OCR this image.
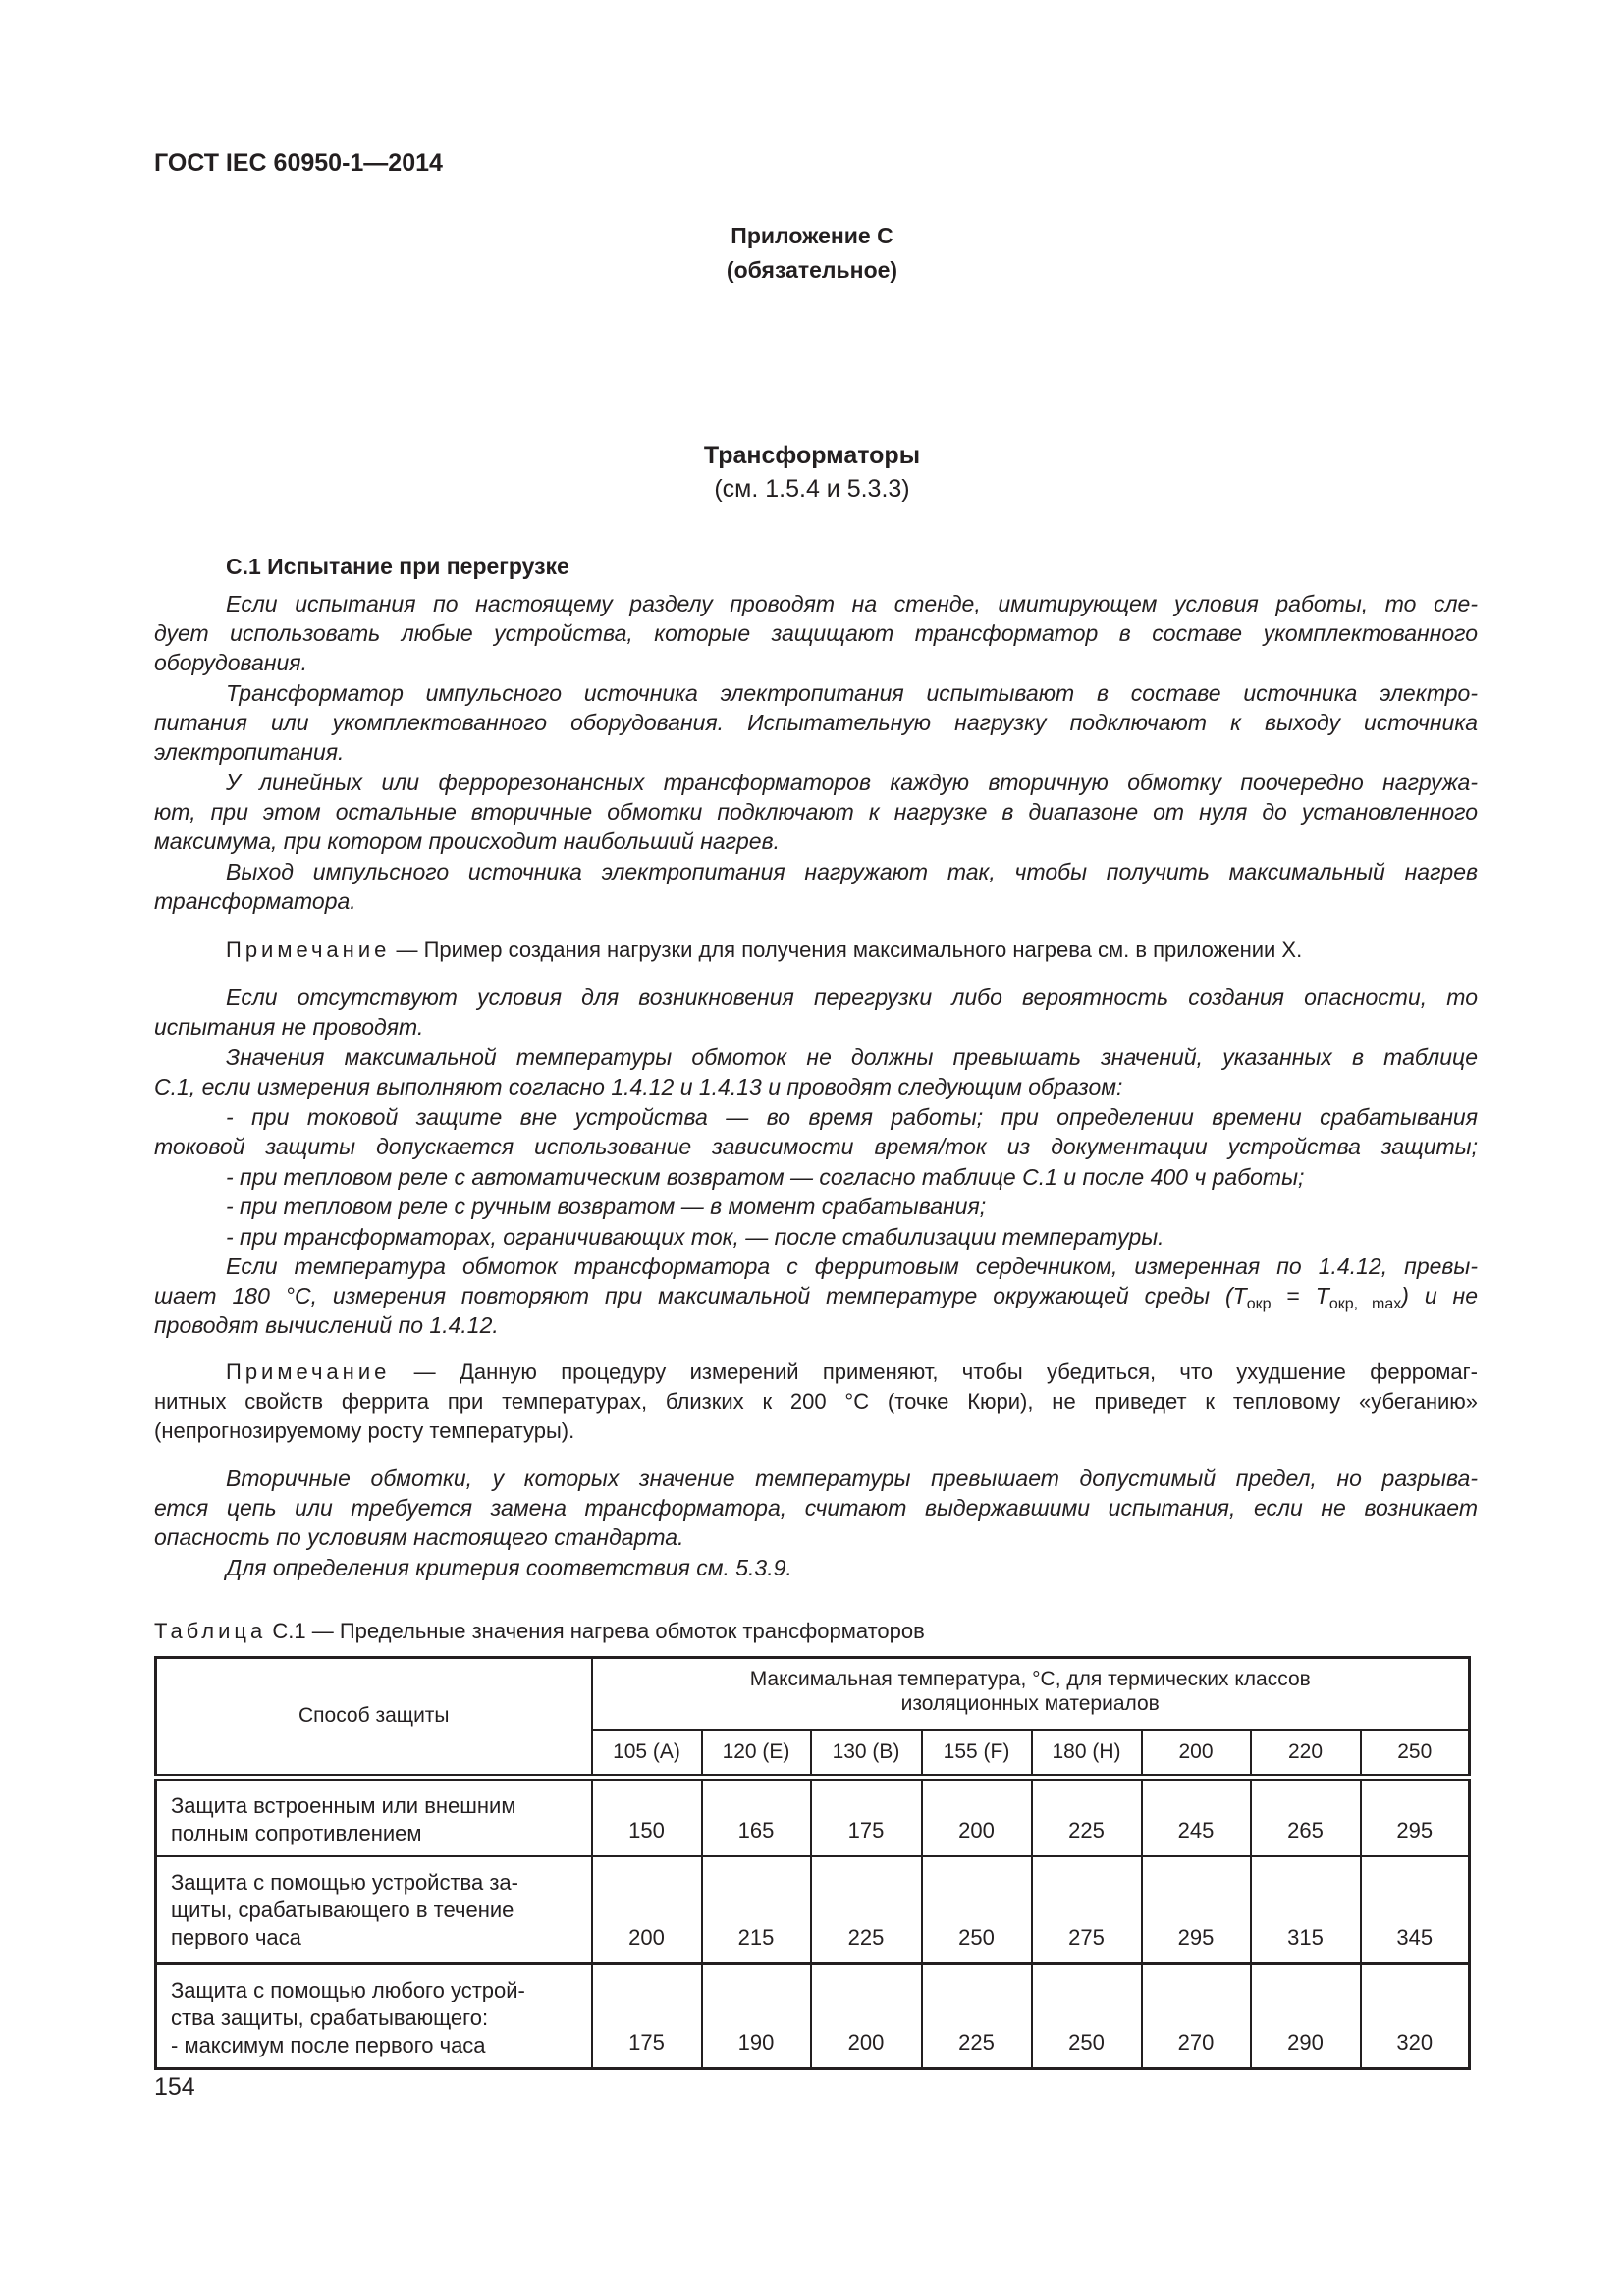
ГОСТ IEC 60950-1—2014
Приложение С
(обязательное)
Трансформаторы
(см. 1.5.4 и 5.3.3)
С.1 Испытание при перегрузке
Если испытания по настоящему разделу проводят на стенде, имитирующем условия работы, то сле-
дует использовать любые устройства, которые защищают трансформатор в составе укомплектованного
оборудования.
Трансформатор импульсного источника электропитания испытывают в составе источника электро-
питания или укомплектованного оборудования. Испытательную нагрузку подключают к выходу источника
электропитания.
У линейных или феррорезонансных трансформаторов каждую вторичную обмотку поочередно нагружа-
ют, при этом остальные вторичные обмотки подключают к нагрузке в диапазоне от нуля до установленного
максимума, при котором происходит наибольший нагрев.
Выход импульсного источника электропитания нагружают так, чтобы получить максимальный нагрев
трансформатора.
Примечание — Пример создания нагрузки для получения максимального нагрева см. в приложении Х.
Если отсутствуют условия для возникновения перегрузки либо вероятность создания опасности, то
испытания не проводят.
Значения максимальной температуры обмоток не должны превышать значений, указанных в таблице
С.1, если измерения выполняют согласно 1.4.12 и 1.4.13 и проводят следующим образом:
- при токовой защите вне устройства — во время работы; при определении времени срабатывания
токовой защиты допускается использование зависимости время/ток из документации устройства защиты;
- при тепловом реле с автоматическим возвратом — согласно таблице С.1 и после 400 ч работы;
- при тепловом реле с ручным возвратом — в момент срабатывания;
- при трансформаторах, ограничивающих ток, — после стабилизации температуры.
Если температура обмоток трансформатора с ферритовым сердечником, измеренная по 1.4.12, превы-
шает 180 °С, измерения повторяют при максимальной температуре окружающей среды $(T_{окр} = T_{окр, max})$ и не
проводят вычислений по 1.4.12.
Примечание — Данную процедуру измерений применяют, чтобы убедиться, что ухудшение ферромаг-
нитных свойств феррита при температурах, близких к 200 °С (точке Кюри), не приведет к тепловому «убеганию»
(непрогнозируемому росту температуры).
Вторичные обмотки, у которых значение температуры превышает допустимый предел, но разрыва-
ется цепь или требуется замена трансформатора, считают выдержавшими испытания, если не возникает
опасность по условиям настоящего стандарта.
Для определения критерия соответствия см. 5.3.9.
Таблица С.1 — Предельные значения нагрева обмоток трансформаторов
Способ защиты	Максимальная температура, °С, для термических классов
изоляционных материалов							

	105 (A)	120 (E)	130 (B)	155 (F)	180 (H)	200	220	250

Защита встроенным или внешним
полным сопротивлением	150	165	175	200	225	245	265	295

Защита с помощью устройства за-
щиты, срабатывающего в течение
первого часа	200	215	225	250	275	295	315	345

Защита с помощью любого устрой-
ства защиты, срабатывающего:
- максимум после первого часа	175	190	200	225	250	270	290	320
154
